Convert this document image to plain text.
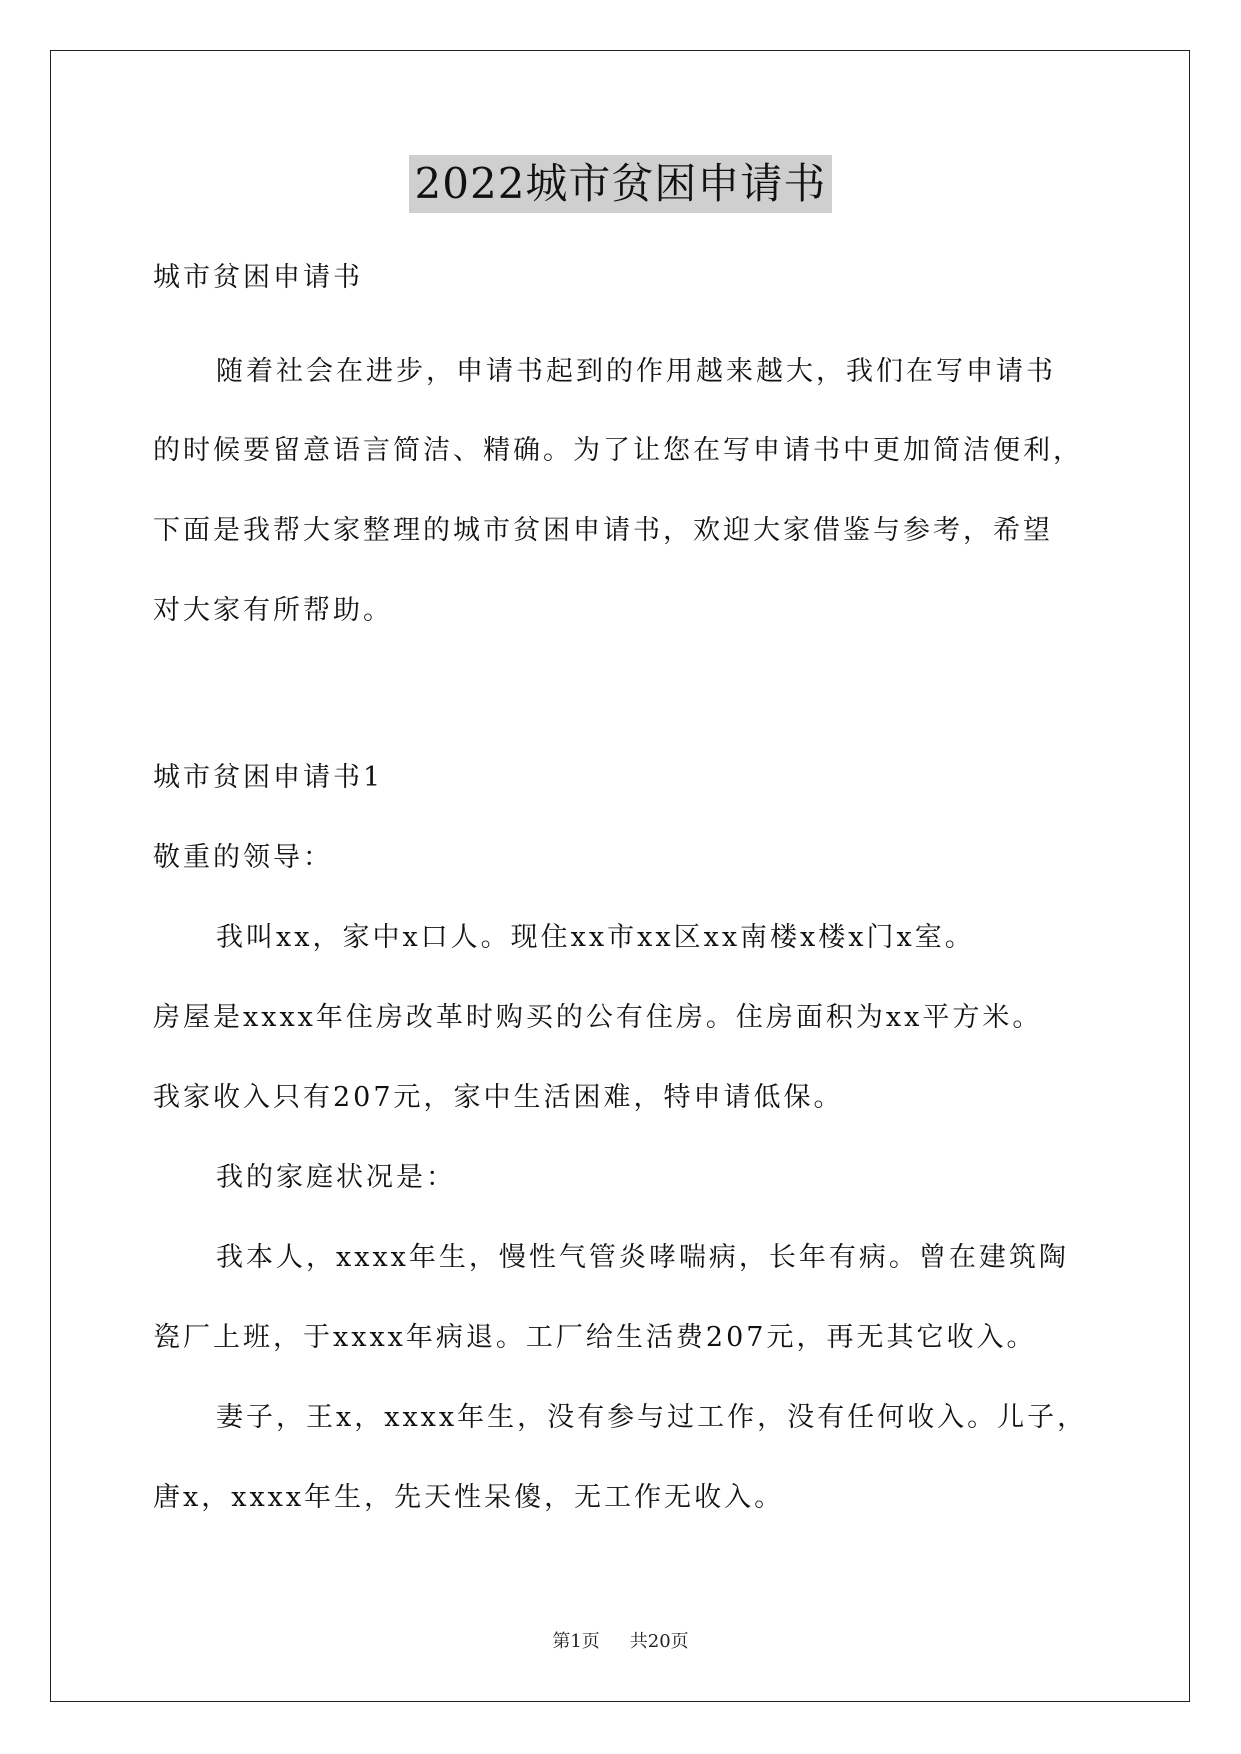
2022城市贫困申请书
城市贫困申请书
随着社会在进步，申请书起到的作用越来越大，我们在写申请书
的时候要留意语言简洁、精确。为了让您在写申请书中更加简洁便利，
下面是我帮大家整理的城市贫困申请书，欢迎大家借鉴与参考，希望
对大家有所帮助。
城市贫困申请书1
敬重的领导：
我叫xx，家中x口人。现住xx市xx区xx南楼x楼x门x室。
房屋是xxxx年住房改革时购买的公有住房。住房面积为xx平方米。
我家收入只有207元，家中生活困难，特申请低保。
我的家庭状况是：
我本人，xxxx年生，慢性气管炎哮喘病，长年有病。曾在建筑陶
瓷厂上班，于xxxx年病退。工厂给生活费207元，再无其它收入。
妻子，王x，xxxx年生，没有参与过工作，没有任何收入。儿子，
唐x，xxxx年生，先天性呆傻，无工作无收入。
第1页 共20页
